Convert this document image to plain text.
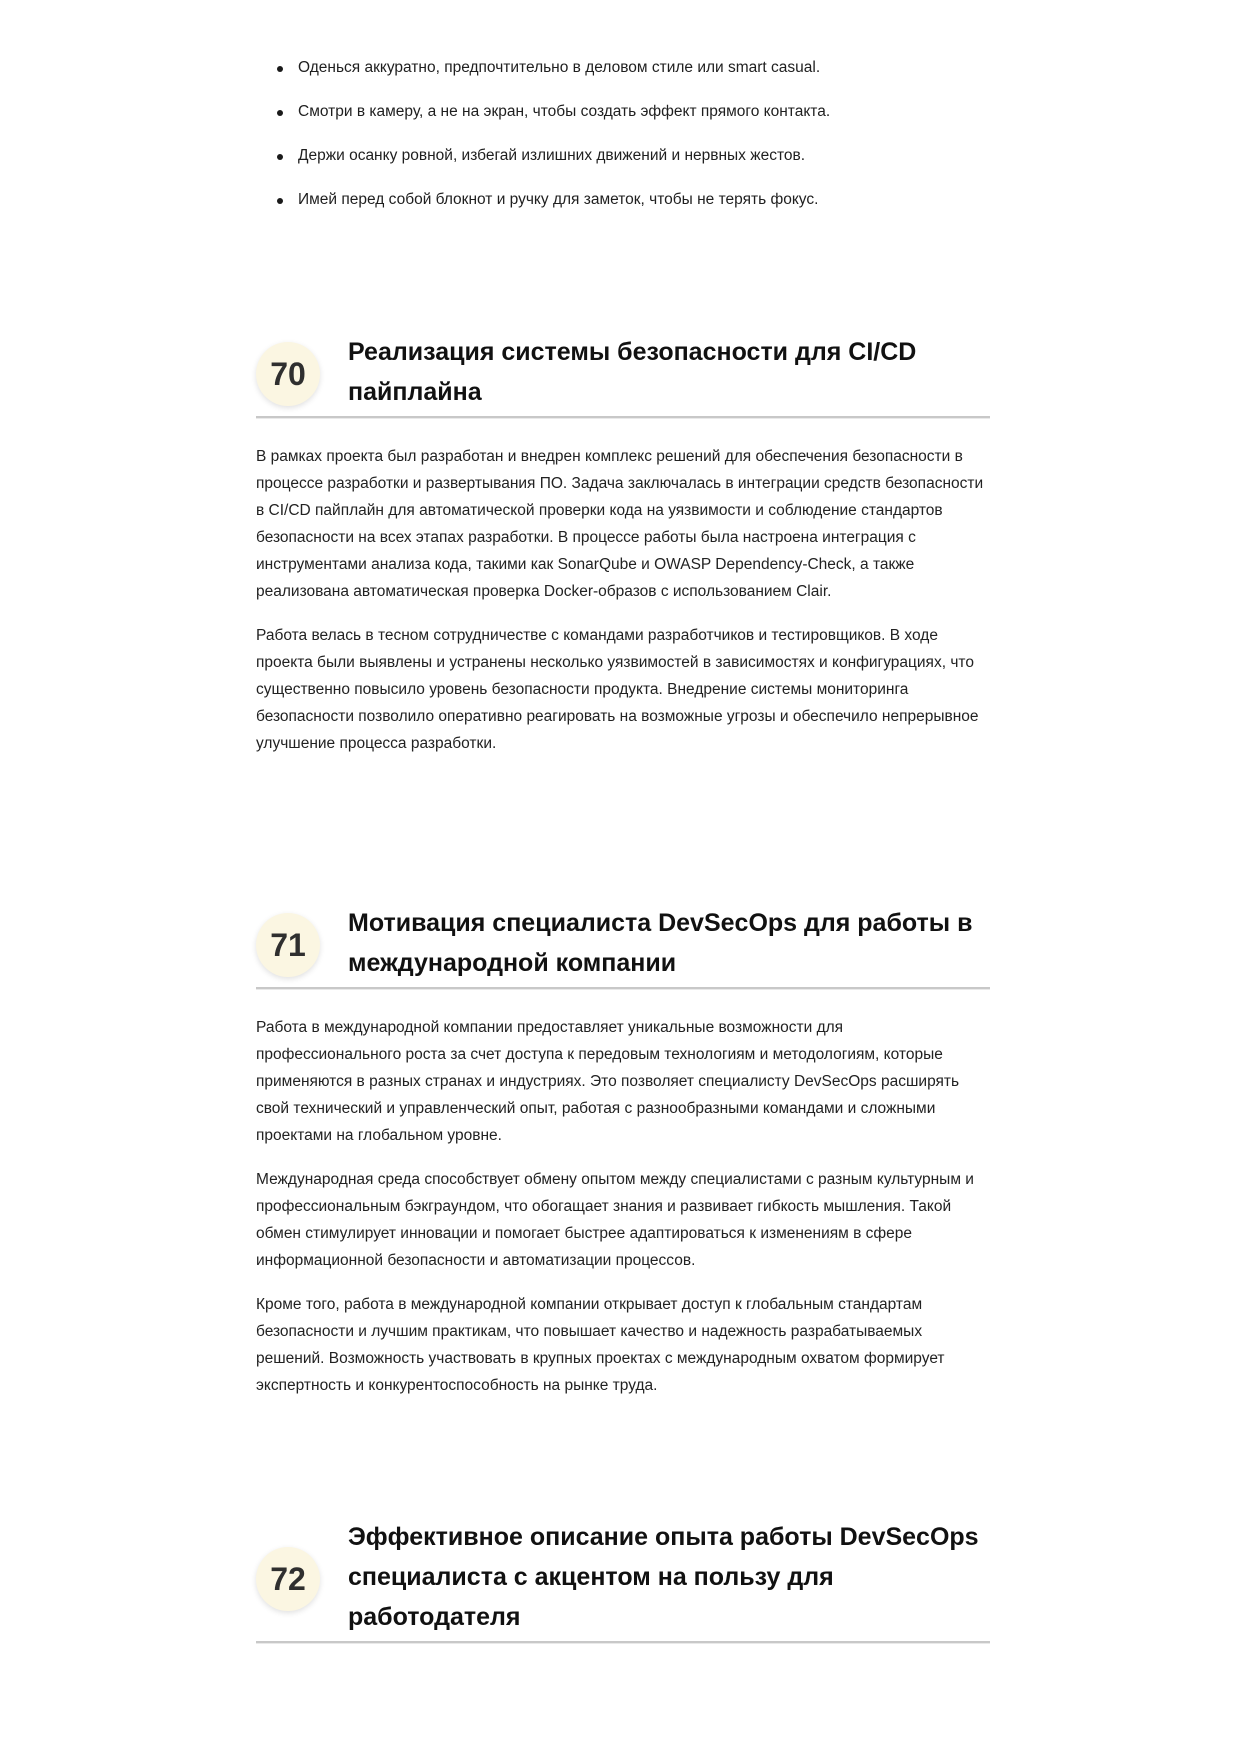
Оденься аккуратно, предпочтительно в деловом стиле или smart casual.
Смотри в камеру, а не на экран, чтобы создать эффект прямого контакта.
Держи осанку ровной, избегай излишних движений и нервных жестов.
Имей перед собой блокнот и ручку для заметок, чтобы не терять фокус.
70
Реализация системы безопасности для CI/CD
пайплайна

В рамках проекта был разработан и внедрен комплекс решений для обеспечения безопасности в процессе разработки и развертывания ПО. Задача заключалась в интеграции средств безопасности в CI/CD пайплайн для автоматической проверки кода на уязвимости и соблюдение стандартов безопасности на всех этапах разработки. В процессе работы была настроена интеграция с инструментами анализа кода, такими как SonarQube и OWASP Dependency-Check, а также реализована автоматическая проверка Docker-образов с использованием Clair.

Работа велась в тесном сотрудничестве с командами разработчиков и тестировщиков. В ходе проекта были выявлены и устранены несколько уязвимостей в зависимостях и конфигурациях, что существенно повысило уровень безопасности продукта. Внедрение системы мониторинга безопасности позволило оперативно реагировать на возможные угрозы и обеспечило непрерывное улучшение процесса разработки.

71
Мотивация специалиста DevSecOps для работы в
международной компании

Работа в международной компании предоставляет уникальные возможности для профессионального роста за счет доступа к передовым технологиям и методологиям, которые применяются в разных странах и индустриях. Это позволяет специалисту DevSecOps расширять свой технический и управленческий опыт, работая с разнообразными командами и сложными проектами на глобальном уровне.

Международная среда способствует обмену опытом между специалистами с разным культурным и профессиональным бэкграундом, что обогащает знания и развивает гибкость мышления. Такой обмен стимулирует инновации и помогает быстрее адаптироваться к изменениям в сфере информационной безопасности и автоматизации процессов.

Кроме того, работа в международной компании открывает доступ к глобальным стандартам безопасности и лучшим практикам, что повышает качество и надежность разрабатываемых решений. Возможность участвовать в крупных проектах с международным охватом формирует экспертность и конкурентоспособность на рынке труда.

72
Эффективное описание опыта работы DevSecOps
специалиста с акцентом на пользу для
работодателя
